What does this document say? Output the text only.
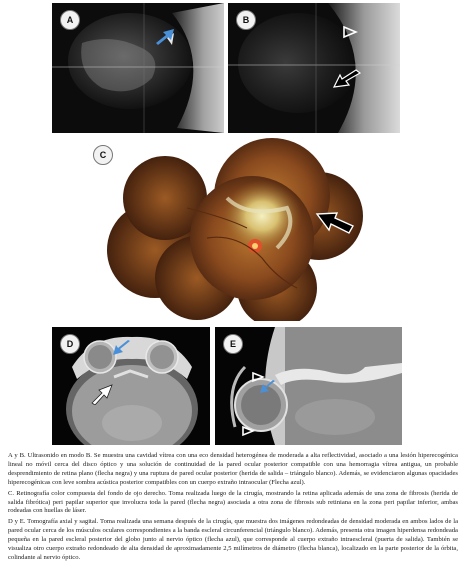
A	B
C
D	E

A y B. Ultrasonido en modo B. Se muestra una cavidad vítrea con una eco densidad heterogénea de moderada a alta reflectividad, asociado a una lesión hiperecogénica lineal no móvil cerca del disco óptico y una solución de continuidad de la pared ocular posterior compatible con una hemorragia vítrea antigua, un probable desprendimiento de retina plano (flecha negra) y una ruptura de pared ocular posterior (herida de salida – triángulo blanco). Además, se evidenciaron algunas opacidades hiperecogénicas con leve sombra acústica posterior compatibles con un cuerpo extraño intraocular (Flecha azul).

C. Retinografía color compuesta del fondo de ojo derecho. Toma realizada luego de la cirugía, mostrando la retina aplicada además de una zona de fibrosis (herida de salida fibrótica) peri papilar superior que involucra toda la pared (flecha negra) asociada a otra zona de fibrosis sub retiniana en la zona peri papilar inferior, ambas rodeadas con huellas de láser.

D y E. Tomografía axial y sagital. Toma realizada una semana después de la cirugía, que muestra dos imágenes redondeadas de densidad moderada en ambos lados de la pared ocular cerca de los músculos oculares correspondientes a la banda escleral circunferencial (triángulo blanco). Además, presenta otra imagen hiperdensa redondeada pequeña en la pared escleral posterior del globo junto al nervio óptico (flecha azul), que corresponde al cuerpo extraño intraescleral (puerta de salida). También se visualiza otro cuerpo extraño redondeado de alta densidad de aproximadamente 2,5 milímetros de diámetro (flecha blanca), localizado en la parte posterior de la órbita, colindante al nervio óptico.
